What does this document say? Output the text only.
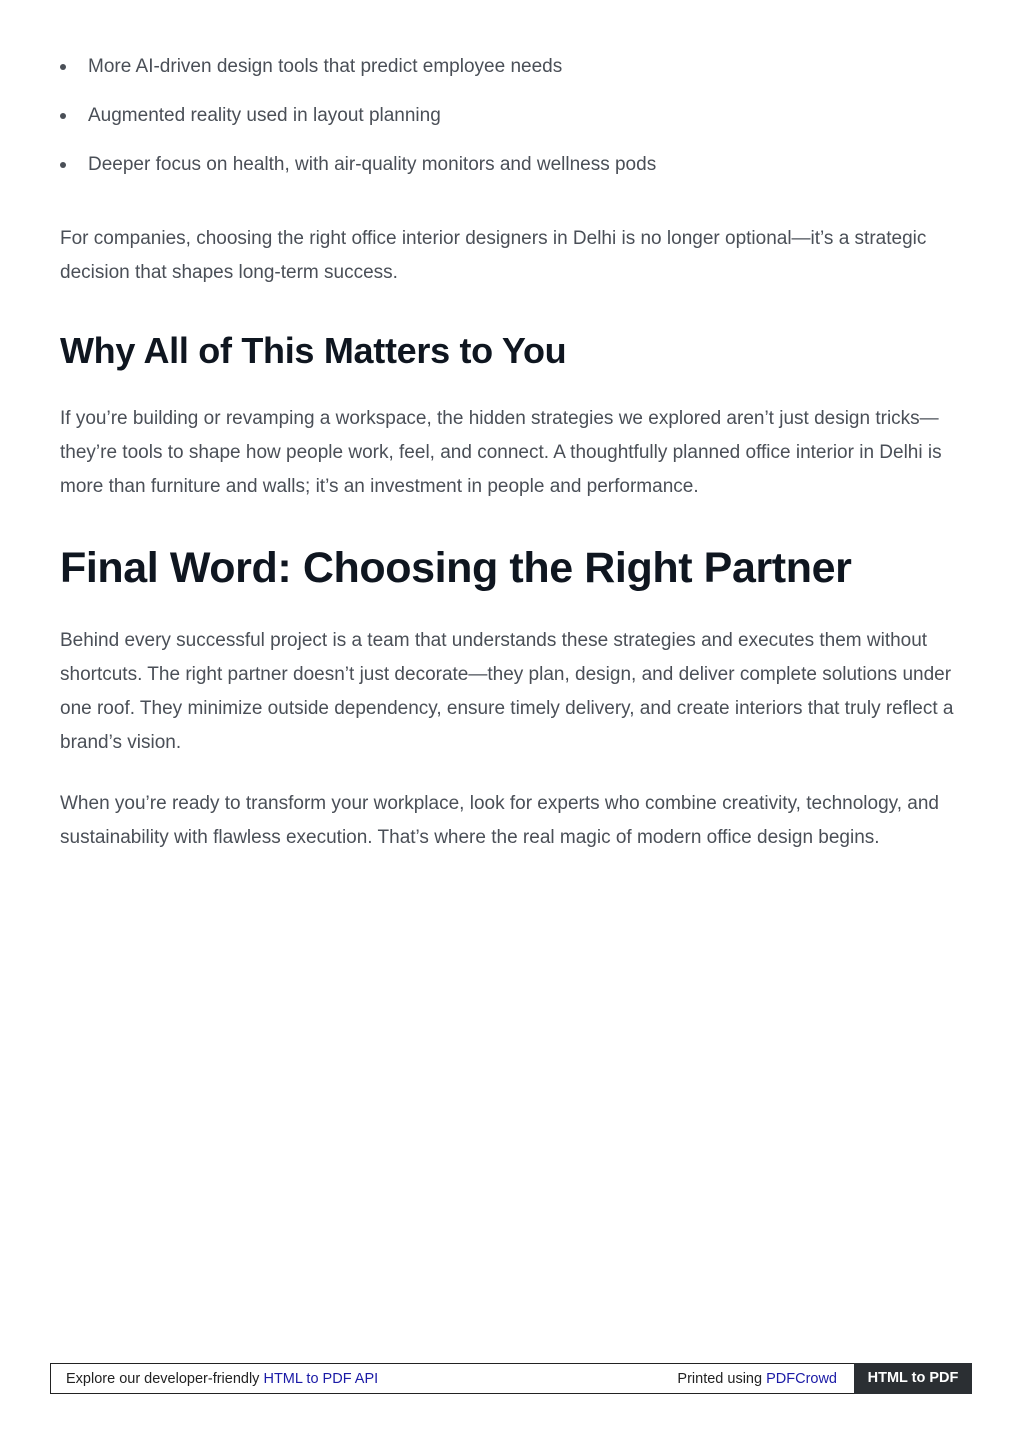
More AI-driven design tools that predict employee needs
Augmented reality used in layout planning
Deeper focus on health, with air-quality monitors and wellness pods

For companies, choosing the right office interior designers in Delhi is no longer optional—it’s a strategic decision that shapes long-term success.

Why All of This Matters to You

If you’re building or revamping a workspace, the hidden strategies we explored aren’t just design tricks—they’re tools to shape how people work, feel, and connect. A thoughtfully planned office interior in Delhi is more than furniture and walls; it’s an investment in people and performance.

Final Word: Choosing the Right Partner

Behind every successful project is a team that understands these strategies and executes them without shortcuts. The right partner doesn’t just decorate—they plan, design, and deliver complete solutions under one roof. They minimize outside dependency, ensure timely delivery, and create interiors that truly reflect a brand’s vision.

When you’re ready to transform your workplace, look for experts who combine creativity, technology, and sustainability with flawless execution. That’s where the real magic of modern office design begins.

Explore our developer-friendly HTML to PDF API	Printed using PDFCrowd	HTML to PDF
